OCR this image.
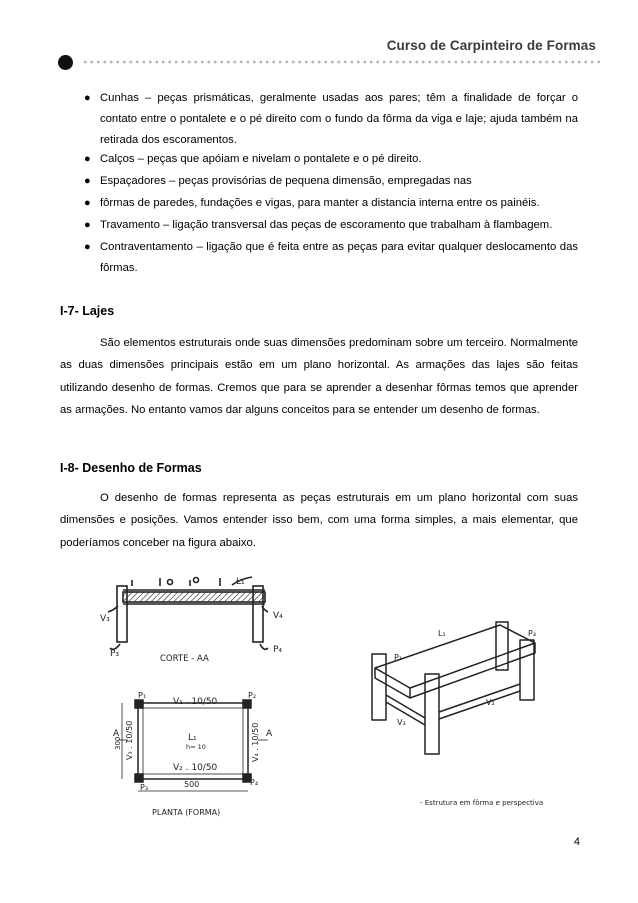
Curso de Carpinteiro de Formas
● Cunhas – peças prismáticas, geralmente usadas aos pares; têm a finalidade de forçar o contato entre o pontalete e o pé direito com o fundo da fôrma da viga e laje; ajuda também na retirada dos escoramentos.
● Calços – peças que apóiam e nivelam o pontalete e o pé direito.
● Espaçadores – peças provisórias de pequena dimensão, empregadas nas
● fôrmas de paredes, fundações e vigas, para manter a distancia interna entre os painéis.
● Travamento – ligação transversal das peças de escoramento que trabalham à flambagem.
● Contraventamento – ligação que é feita entre as peças para evitar qualquer deslocamento das fôrmas.
I-7- Lajes
São elementos estruturais onde suas dimensões predominam sobre um terceiro. Normalmente as duas dimensões principais estão em um plano horizontal. As armações das lajes são feitas utilizando desenho de formas. Cremos que para se aprender a desenhar fôrmas temos que aprender as armações. No entanto vamos dar alguns conceitos para se entender um desenho de formas.
I-8- Desenho de Formas
O desenho de formas representa as peças estruturais em um plano horizontal com suas dimensões e posições. Vamos entender isso bem, com uma forma simples, a mais elementar, que poderíamos conceber na figura abaixo.
L₁
V₃	V₄
P₃	P₄
CORTE - AA
V₁ . 10/50
V₂ . 10/50
L₁
h= 10
500
A	A
P₁	P₂
P₃
P₄
V₃ . 10/50	V₄ . 10/50
300
PLANTA (FORMA)
L₁
P₁
P₄
V₂
V₃
- Estrutura em fôrma e perspectiva
4
